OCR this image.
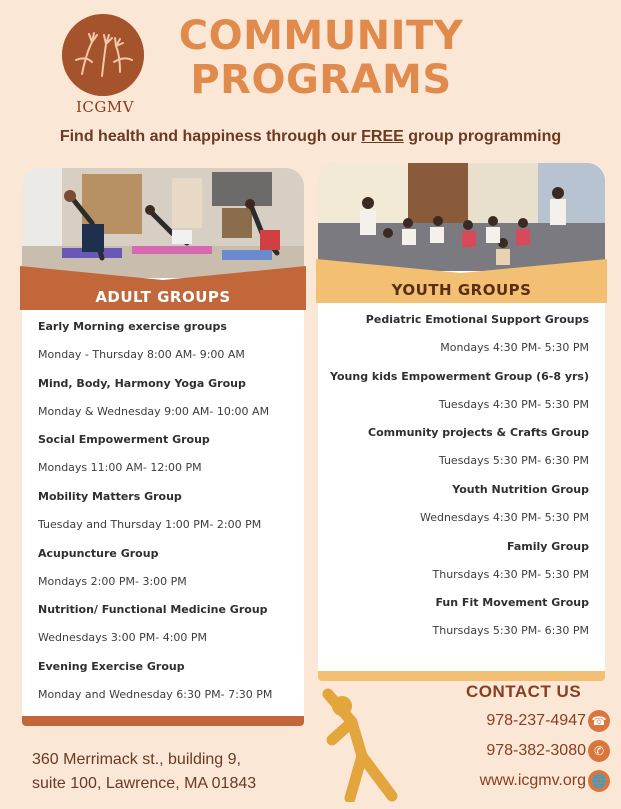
ICGMV
COMMUNITY
PROGRAMS
Find health and happiness through our FREE group programming
ADULT GROUPS
Early Morning exercise groups
Monday - Thursday 8:00 AM- 9:00 AM
Mind, Body, Harmony Yoga Group
Monday & Wednesday 9:00 AM- 10:00 AM
Social Empowerment Group
Mondays 11:00 AM- 12:00 PM
Mobility Matters Group
Tuesday and Thursday 1:00 PM- 2:00 PM
Acupuncture Group
Mondays 2:00 PM- 3:00 PM
Nutrition/ Functional Medicine Group
Wednesdays 3:00 PM- 4:00 PM
Evening Exercise Group
Monday and Wednesday 6:30 PM- 7:30 PM
YOUTH GROUPS
Pediatric Emotional Support Groups
Mondays 4:30 PM- 5:30 PM
Young kids Empowerment Group (6-8 yrs)
Tuesdays 4:30 PM- 5:30 PM
Community projects & Crafts Group
Tuesdays 5:30 PM- 6:30 PM
Youth Nutrition Group
Wednesdays 4:30 PM- 5:30 PM
Family Group
Thursdays 4:30 PM- 5:30 PM
Fun Fit Movement Group
Thursdays 5:30 PM- 6:30 PM
360 Merrimack st., building 9,
suite 100, Lawrence, MA 01843
CONTACT US
978-237-4947 ☎
978-382-3080 ✆
www.icgmv.org 🌐
